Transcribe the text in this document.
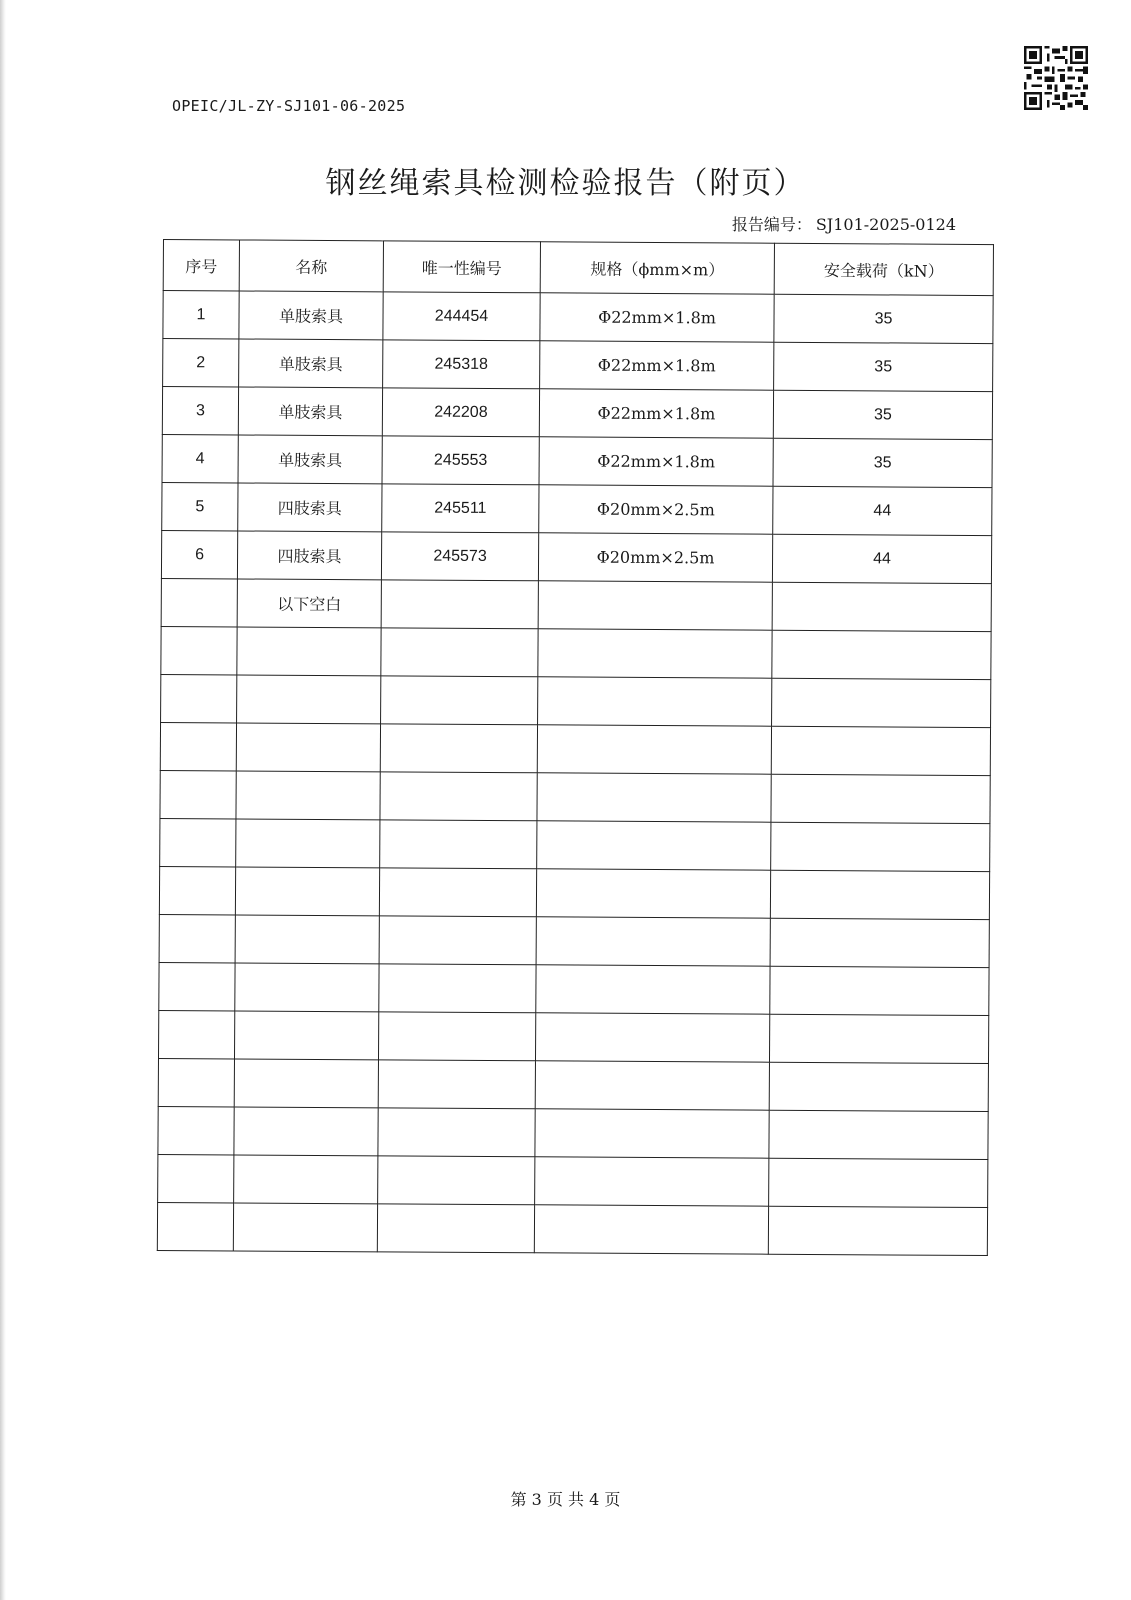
OPEIC/JL-ZY-SJ101-06-2025
钢丝绳索具检测检验报告（附页）
报告编号： SJ101-2025-0124
序号	名称	唯一性编号	规格（ϕmm×m）	安全载荷（kN）
1	单肢索具	244454	Φ22mm×1.8m	35
2	单肢索具	245318	Φ22mm×1.8m	35
3	单肢索具	242208	Φ22mm×1.8m	35
4	单肢索具	245553	Φ22mm×1.8m	35
5	四肢索具	245511	Φ20mm×2.5m	44
6	四肢索具	245573	Φ20mm×2.5m	44
	以下空白			

第 3 页 共 4 页
